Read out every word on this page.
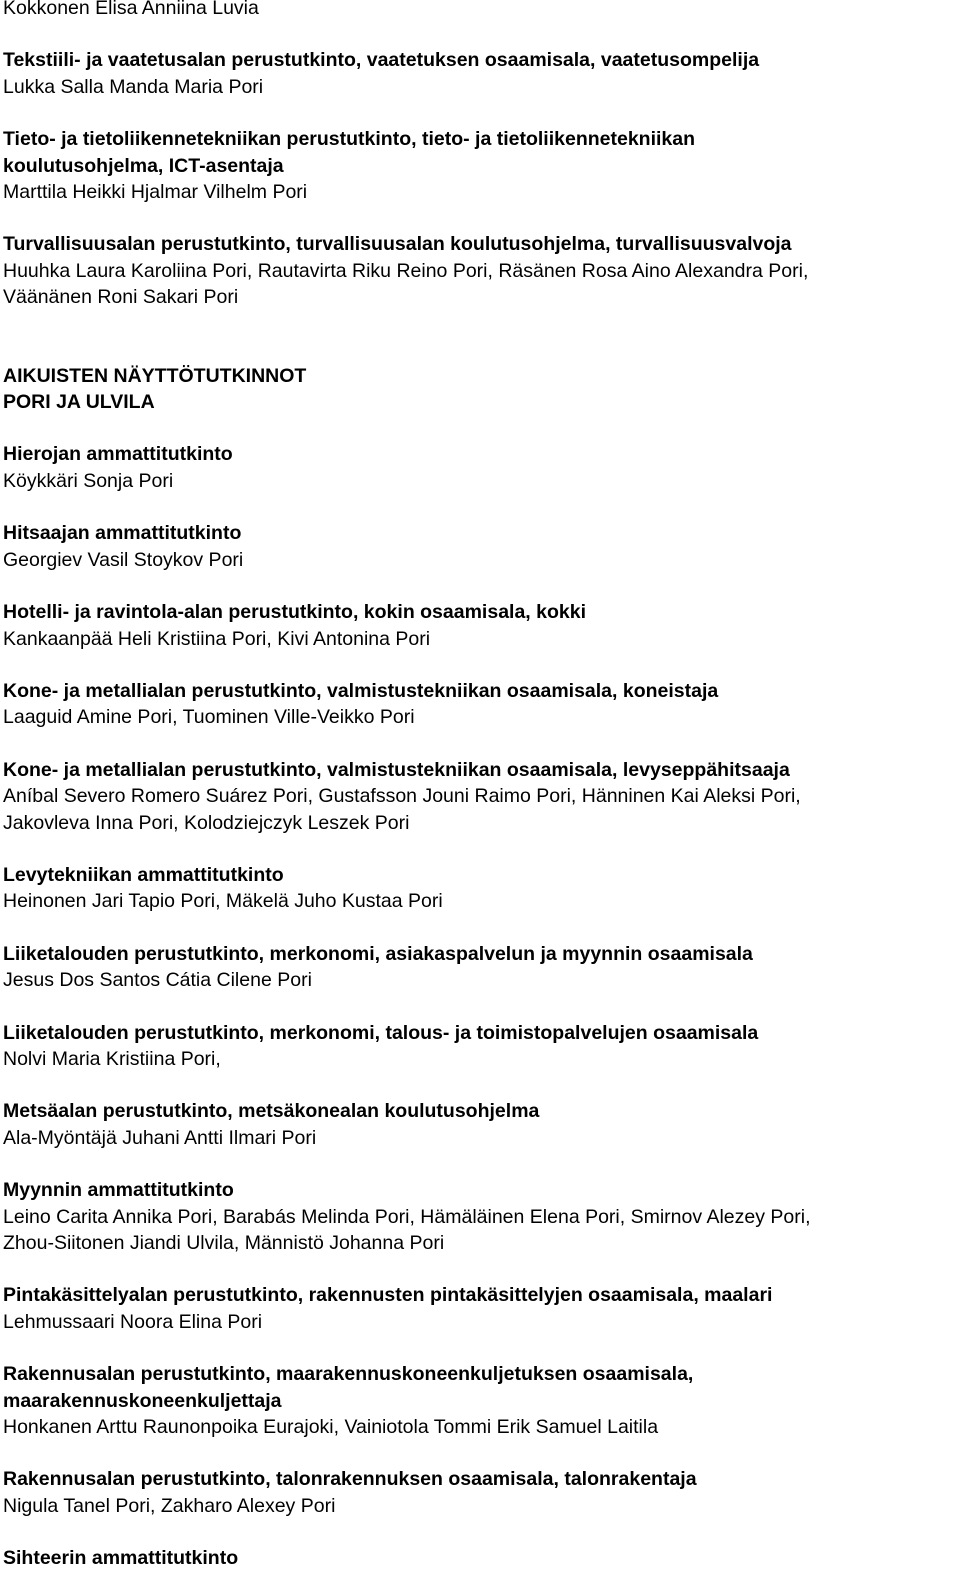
Kokkonen Elisa Anniina Luvia
Tekstiili- ja vaatetusalan perustutkinto, vaatetuksen osaamisala, vaatetusompelija
Lukka Salla Manda Maria Pori
Tieto- ja tietoliikennetekniikan perustutkinto, tieto- ja tietoliikennetekniikan
koulutusohjelma, ICT-asentaja
Marttila Heikki Hjalmar Vilhelm Pori
Turvallisuusalan perustutkinto, turvallisuusalan koulutusohjelma, turvallisuusvalvoja
Huuhka Laura Karoliina Pori, Rautavirta Riku Reino Pori, Räsänen Rosa Aino Alexandra Pori,
Väänänen Roni Sakari Pori
AIKUISTEN NÄYTTÖTUTKINNOT
PORI JA ULVILA
Hierojan ammattitutkinto
Köykkäri Sonja Pori
Hitsaajan ammattitutkinto
Georgiev Vasil Stoykov Pori
Hotelli- ja ravintola-alan perustutkinto, kokin osaamisala, kokki
Kankaanpää Heli Kristiina Pori, Kivi Antonina Pori
Kone- ja metallialan perustutkinto, valmistustekniikan osaamisala, koneistaja
Laaguid Amine Pori, Tuominen Ville-Veikko Pori
Kone- ja metallialan perustutkinto, valmistustekniikan osaamisala, levyseppähitsaaja
Aníbal Severo Romero Suárez Pori, Gustafsson Jouni Raimo Pori, Hänninen Kai Aleksi Pori,
Jakovleva Inna Pori, Kolodziejczyk Leszek Pori
Levytekniikan ammattitutkinto
Heinonen Jari Tapio Pori, Mäkelä Juho Kustaa Pori
Liiketalouden perustutkinto, merkonomi, asiakaspalvelun ja myynnin osaamisala
Jesus Dos Santos Cátia Cilene Pori
Liiketalouden perustutkinto, merkonomi, talous- ja toimistopalvelujen osaamisala
Nolvi Maria Kristiina Pori,
Metsäalan perustutkinto, metsäkonealan koulutusohjelma
Ala-Myöntäjä Juhani Antti Ilmari Pori
Myynnin ammattitutkinto
Leino Carita Annika Pori, Barabás Melinda Pori, Hämäläinen Elena Pori, Smirnov Alezey Pori,
Zhou-Siitonen Jiandi Ulvila, Männistö Johanna Pori
Pintakäsittelyalan perustutkinto, rakennusten pintakäsittelyjen osaamisala, maalari
Lehmussaari Noora Elina Pori
Rakennusalan perustutkinto, maarakennuskoneenkuljetuksen osaamisala,
maarakennuskoneenkuljettaja
Honkanen Arttu Raunonpoika Eurajoki, Vainiotola Tommi Erik Samuel Laitila
Rakennusalan perustutkinto, talonrakennuksen osaamisala, talonrakentaja
Nigula Tanel Pori, Zakharo Alexey Pori
Sihteerin ammattitutkinto
